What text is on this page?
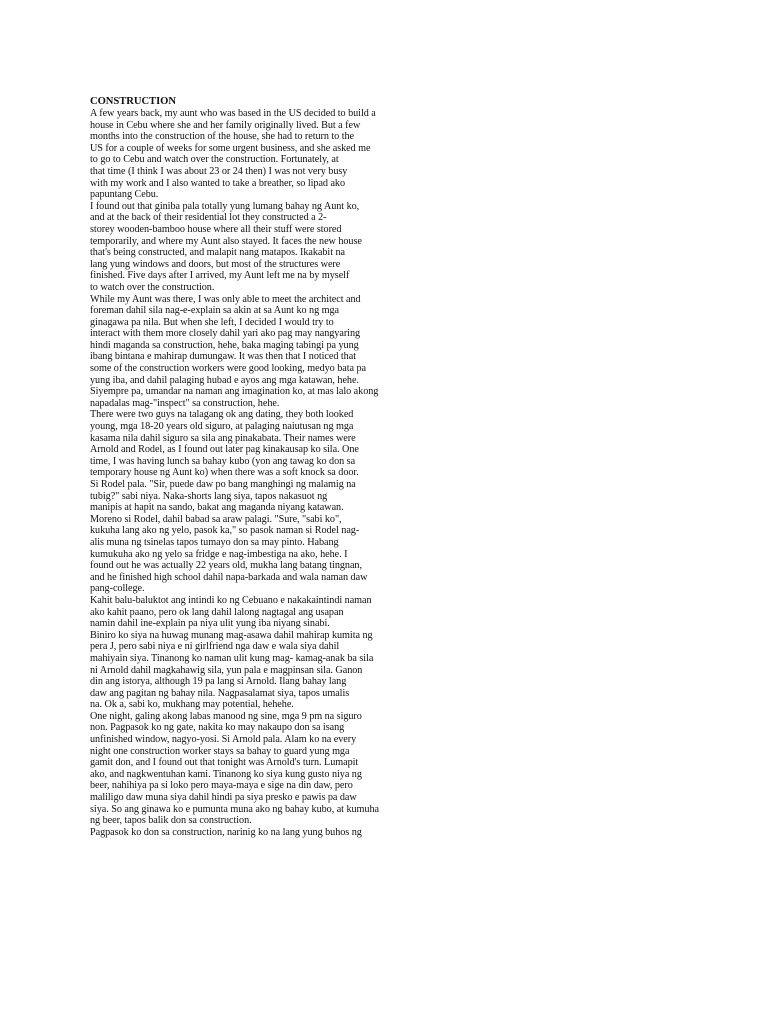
CONSTRUCTION
A few years back, my aunt who was based in the US decided to build a
house in Cebu where she and her family originally lived. But a few
months into the construction of the house, she had to return to the
US for a couple of weeks for some urgent business, and she asked me
to go to Cebu and watch over the construction. Fortunately, at
that time (I think I was about 23 or 24 then) I was not very busy
with my work and I also wanted to take a breather, so lipad ako
papuntang Cebu.
I found out that giniba pala totally yung lumang bahay ng Aunt ko,
and at the back of their residential lot they constructed a 2-
storey wooden-bamboo house where all their stuff were stored
temporarily, and where my Aunt also stayed. It faces the new house
that's being constructed, and malapit nang matapos. Ikakabit na
lang yung windows and doors, but most of the structures were
finished. Five days after I arrived, my Aunt left me na by myself
to watch over the construction.
While my Aunt was there, I was only able to meet the architect and
foreman dahil sila nag-e-explain sa akin at sa Aunt ko ng mga
ginagawa pa nila. But when she left, I decided I would try to
interact with them more closely dahil yari ako pag may nangyaring
hindi maganda sa construction, hehe, baka maging tabingi pa yung
ibang bintana e mahirap dumungaw. It was then that I noticed that
some of the construction workers were good looking, medyo bata pa
yung iba, and dahil palaging hubad e ayos ang mga katawan, hehe.
Siyempre pa, umandar na naman ang imagination ko, at mas lalo akong
napadalas mag-"inspect" sa construction, hehe.
There were two guys na talagang ok ang dating, they both looked
young, mga 18-20 years old siguro, at palaging naiutusan ng mga
kasama nila dahil siguro sa sila ang pinakabata. Their names were
Arnold and Rodel, as I found out later pag kinakausap ko sila. One
time, I was having lunch sa bahay kubo (yon ang tawag ko don sa
temporary house ng Aunt ko) when there was a soft knock sa door.
Si Rodel pala. "Sir, puede daw po bang manghingi ng malamig na
tubig?" sabi niya. Naka-shorts lang siya, tapos nakasuot ng
manipis at hapit na sando, bakat ang maganda niyang katawan.
Moreno si Rodel, dahil babad sa araw palagi. "Sure, "sabi ko",
kukuha lang ako ng yelo, pasok ka," so pasok naman si Rodel nag-
alis muna ng tsinelas tapos tumayo don sa may pinto. Habang
kumukuha ako ng yelo sa fridge e nag-imbestiga na ako, hehe. I
found out he was actually 22 years old, mukha lang batang tingnan,
and he finished high school dahil napa-barkada and wala naman daw
pang-college.
Kahit balu-baluktot ang intindi ko ng Cebuano e nakakaintindi naman
ako kahit paano, pero ok lang dahil lalong nagtagal ang usapan
namin dahil ine-explain pa niya ulit yung iba niyang sinabi.
Biniro ko siya na huwag munang mag-asawa dahil mahirap kumita ng
pera J, pero sabi niya e ni girlfriend nga daw e wala siya dahil
mahiyain siya. Tinanong ko naman ulit kung mag- kamag-anak ba sila
ni Arnold dahil magkahawig sila, yun pala e magpinsan sila. Ganon
din ang istorya, although 19 pa lang si Arnold. Ilang bahay lang
daw ang pagitan ng bahay nila. Nagpasalamat siya, tapos umalis
na. Ok a, sabi ko, mukhang may potential, hehehe.
One night, galing akong labas manood ng sine, mga 9 pm na siguro
non. Pagpasok ko ng gate, nakita ko may nakaupo don sa isang
unfinished window, nagyo-yosi. Si Arnold pala. Alam ko na every
night one construction worker stays sa bahay to guard yung mga
gamit don, and I found out that tonight was Arnold's turn. Lumapit
ako, and nagkwentuhan kami. Tinanong ko siya kung gusto niya ng
beer, nahihiya pa si loko pero maya-maya e sige na din daw, pero
maliligo daw muna siya dahil hindi pa siya presko e pawis pa daw
siya. So ang ginawa ko e pumunta muna ako ng bahay kubo, at kumuha
ng beer, tapos balik don sa construction.
Pagpasok ko don sa construction, narinig ko na lang yung buhos ng
